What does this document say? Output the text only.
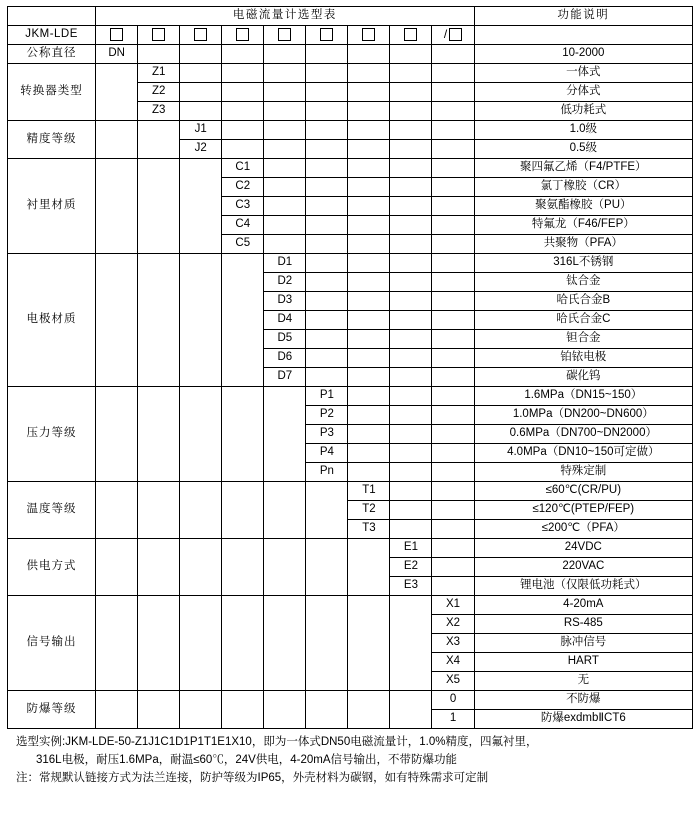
	电磁流量计选型表									功能说明
JKM-LDE									/	
公称直径	DN									10-2000
转换器类型		Z1								一体式
		Z2								分体式
		Z3								低功耗式
精度等级			J1							1.0级
			J2							0.5级
衬里材质				C1						聚四氟乙烯（F4/PTFE）
				C2						氯丁橡胶（CR）
				C3						聚氨酯橡胶（PU）
				C4						特氟龙（F46/FEP）
				C5						共聚物（PFA）
电极材质					D1					316L不锈钢
					D2					钛合金
					D3					哈氏合金B
					D4					哈氏合金C
					D5					钽合金
					D6					铂铱电极
					D7					碳化钨
压力等级						P1				1.6MPa（DN15~150）
						P2				1.0MPa（DN200~DN600）
						P3				0.6MPa（DN700~DN2000）
						P4				4.0MPa（DN10~150可定做）
						Pn				特殊定制
温度等级							T1			≤60℃(CR/PU)
							T2			≤120℃(PTEP/FEP)
							T3			≤200℃（PFA）
供电方式								E1		24VDC
								E2		220VAC
								E3		锂电池（仅限低功耗式）
信号输出									X1	4-20mA
									X2	RS-485
									X3	脉冲信号
									X4	HART
									X5	无
防爆等级									0	不防爆
									1	防爆exdmbⅡCT6
选型实例:JKM-LDE-50-Z1J1C1D1P1T1E1X10，即为一体式DN50电磁流量计，1.0%精度，四氟衬里，
316L电极，耐压1.6MPa，耐温≤60℃，24V供电，4-20mA信号输出，不带防爆功能
注：常规默认链接方式为法兰连接，防护等级为IP65，外壳材料为碳钢，如有特殊需求可定制
